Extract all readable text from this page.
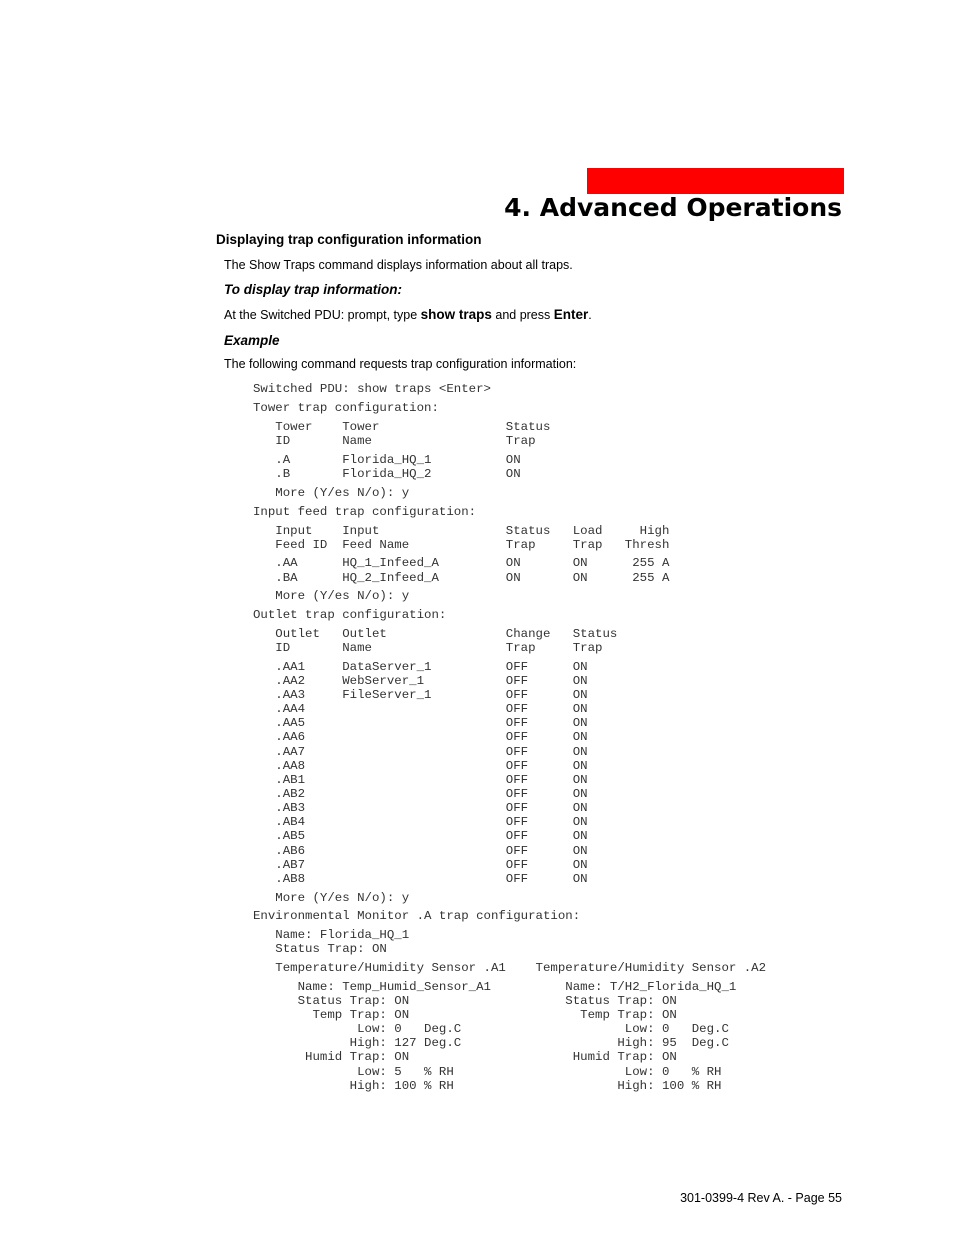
4. Advanced Operations
Displaying trap configuration information
The Show Traps command displays information about all traps.
To display trap information:
At the Switched PDU: prompt, type show traps and press Enter.
Example
The following command requests trap configuration information:
Switched PDU: show traps <Enter>
Tower trap configuration:
Tower    Tower                 Status
ID       Name                  Trap
.A       Florida_HQ_1          ON
.B       Florida_HQ_2          ON
More (Y/es N/o): y
Input feed trap configuration:
Input    Input                 Status   Load     High
Feed ID  Feed Name             Trap     Trap   Thresh
.AA      HQ_1_Infeed_A         ON       ON      255 A
.BA      HQ_2_Infeed_A         ON       ON      255 A
More (Y/es N/o): y
Outlet trap configuration:
Outlet   Outlet                Change   Status
ID       Name                  Trap     Trap
.AA1     DataServer_1          OFF      ON
.AA2     WebServer_1           OFF      ON
.AA3     FileServer_1          OFF      ON
.AA4                           OFF      ON
.AA5                           OFF      ON
.AA6                           OFF      ON
.AA7                           OFF      ON
.AA8                           OFF      ON
.AB1                           OFF      ON
.AB2                           OFF      ON
.AB3                           OFF      ON
.AB4                           OFF      ON
.AB5                           OFF      ON
.AB6                           OFF      ON
.AB7                           OFF      ON
.AB8                           OFF      ON
More (Y/es N/o): y
Environmental Monitor .A trap configuration:
Name: Florida_HQ_1
Status Trap: ON
Temperature/Humidity Sensor .A1    Temperature/Humidity Sensor .A2
Name: Temp_Humid_Sensor_A1          Name: T/H2_Florida_HQ_1
Status Trap: ON                     Status Trap: ON
Temp Trap: ON                       Temp Trap: ON
Low: 0   Deg.C                      Low: 0   Deg.C
High: 127 Deg.C                     High: 95  Deg.C
Humid Trap: ON                      Humid Trap: ON
Low: 5   % RH                       Low: 0   % RH
High: 100 % RH                      High: 100 % RH
301-0399-4 Rev A. - Page 55
